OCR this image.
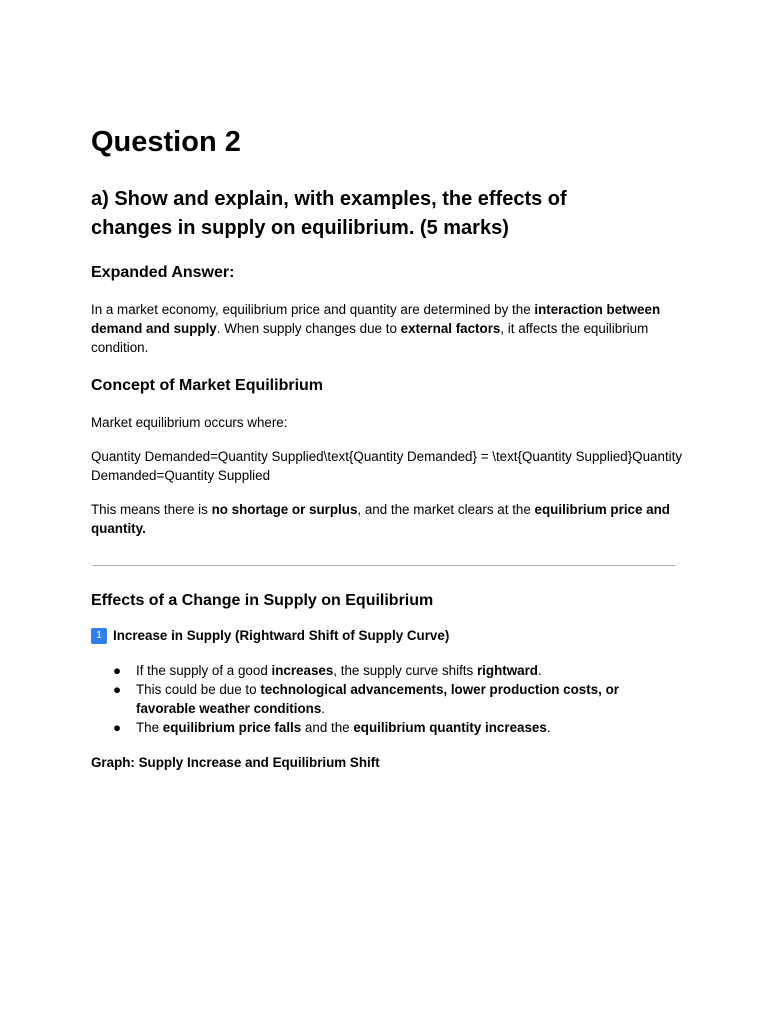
Question 2
a) Show and explain, with examples, the effects of changes in supply on equilibrium. (5 marks)
Expanded Answer:

In a market economy, equilibrium price and quantity are determined by the interaction between demand and supply. When supply changes due to external factors, it affects the equilibrium condition.

Concept of Market Equilibrium

Market equilibrium occurs where:

Quantity Demanded=Quantity Supplied\text{Quantity Demanded} = \text{Quantity Supplied}Quantity Demanded=Quantity Supplied

This means there is no shortage or surplus, and the market clears at the equilibrium price and quantity.

Effects of a Change in Supply on Equilibrium
1 Increase in Supply (Rightward Shift of Supply Curve)
● If the supply of a good increases, the supply curve shifts rightward.
● This could be due to technological advancements, lower production costs, or favorable weather conditions.
● The equilibrium price falls and the equilibrium quantity increases.

Graph: Supply Increase and Equilibrium Shift
